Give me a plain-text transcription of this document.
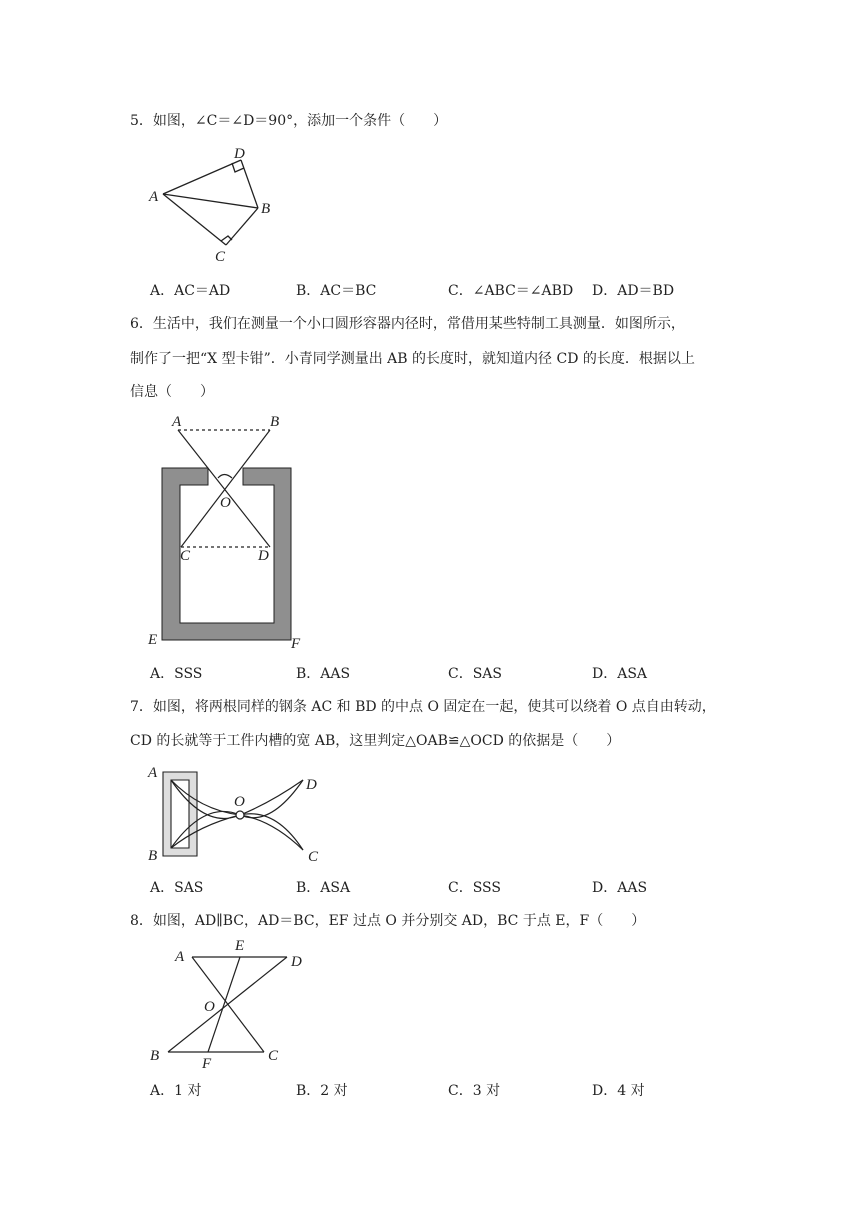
5．如图，∠C＝∠D＝90°，添加一个条件（　　）
A
B
C
D
A．AC＝AD	B．AC＝BC	C．∠ABC＝∠ABD D．AD＝BD
6．生活中，我们在测量一个小口圆形容器内径时，常借用某些特制工具测量．如图所示，
制作了一把“X 型卡钳”．小青同学测量出 AB 的长度时，就知道内径 CD 的长度．根据以上
信息（　　）
A	B
O
C	D
E	F
A．SSS	B．AAS	C．SAS	D．ASA
7．如图，将两根同样的钢条 AC 和 BD 的中点 O 固定在一起，使其可以绕着 O 点自由转动，
CD 的长就等于工件内槽的宽 AB，这里判定△OAB≌△OCD 的依据是（　　）
A
B
O
D
C
A．SAS	B．ASA	C．SSS	D．AAS
8．如图，AD∥BC，AD＝BC，EF 过点 O 并分别交 AD，BC 于点 E，F（　　）
A
E
D
O
B	F	C
A．1 对	B．2 对	C．3 对	D．4 对
